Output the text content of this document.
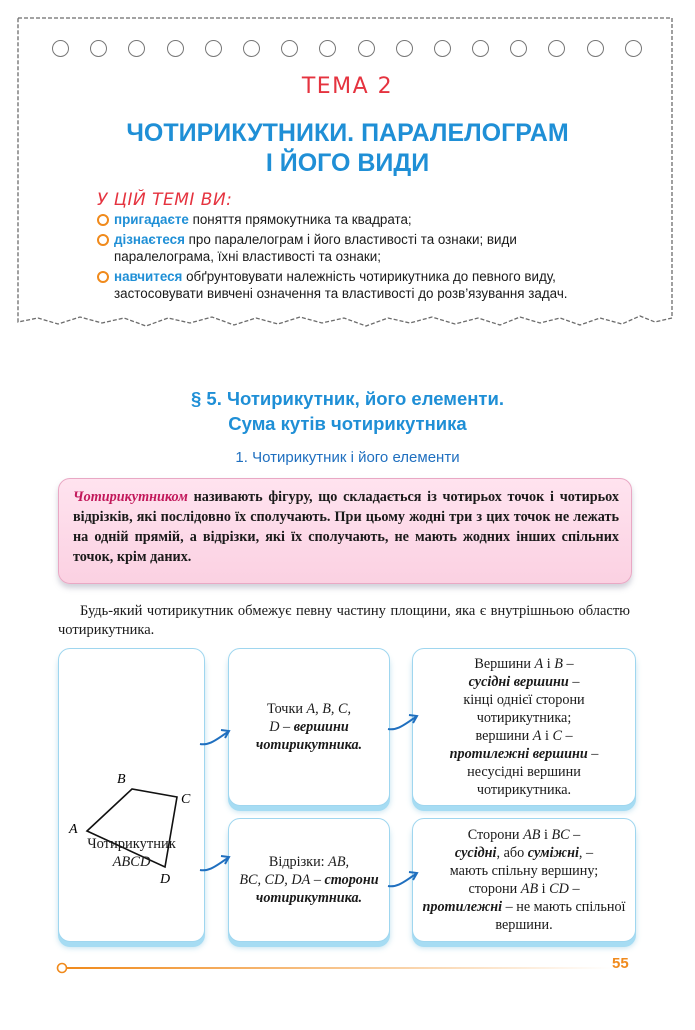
ТЕМА 2
ЧОТИРИКУТНИКИ. ПАРАЛЕЛОГРАМ
І ЙОГО ВИДИ
У ЦІЙ ТЕМІ ВИ:
пригадаєте поняття прямокутника та квадрата;
дізнаєтеся про паралелограм і його властивості та ознаки; види паралелограма, їхні властивості та ознаки;
навчитеся обґрунтовувати належність чотирикутника до певного виду, застосовувати вивчені означення та властивості до розв’язування задач.
§ 5. Чотирикутник, його елементи.
Сума кутів чотирикутника
1. Чотирикутник і його елементи
Чотирикутником називають фігуру, що складається із чотирьох точок і чотирьох відрізків, які послідовно їх сполучають. При цьому жодні три з цих точок не лежать на одній прямій, а відрізки, які їх сполучають, не мають жодних інших спільних точок, крім даних.
Будь-який чотирикутник обмежує певну частину площини, яка є внутрішньою областю чотирикутника.
A
B
C
D
Чотирикутник
ABCD
Точки A, B, C,
D – вершини чотирикутника.
Відрізки: AB,
BC, CD, DA – сторони чотирикутника.
Вершини A і B –
сусідні вершини –
кінці однієї сторони чотирикутника;
вершини A і C –
протилежні вершини –
несусідні вершини чотирикутника.
Сторони AB і BC –
сусідні, або суміжні, –
мають спільну вершину;
сторони AB і CD –
протилежні – не мають спільної вершини.
55
